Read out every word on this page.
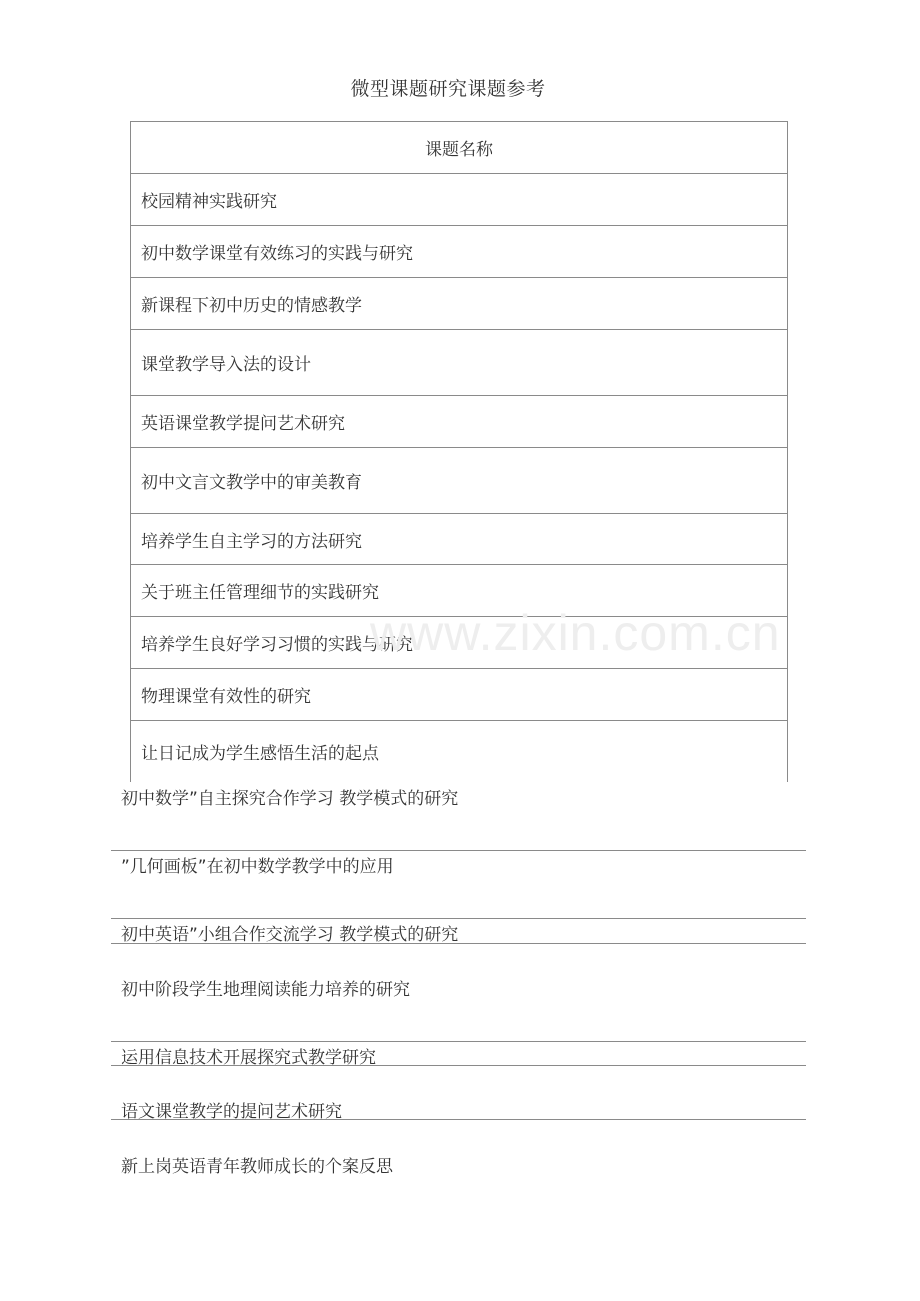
微型课题研究课题参考
课题名称
校园精神实践研究
初中数学课堂有效练习的实践与研究
新课程下初中历史的情感教学
课堂教学导入法的设计
英语课堂教学提问艺术研究
初中文言文教学中的审美教育
培养学生自主学习的方法研究
关于班主任管理细节的实践研究
培养学生良好学习习惯的实践与研究
物理课堂有效性的研究
让日记成为学生感悟生活的起点
www.zixin.com.cn
初中数学”自主探究合作学习 教学模式的研究
”几何画板”在初中数学教学中的应用
初中英语”小组合作交流学习 教学模式的研究
初中阶段学生地理阅读能力培养的研究
运用信息技术开展探究式教学研究
语文课堂教学的提问艺术研究
新上岗英语青年教师成长的个案反思
